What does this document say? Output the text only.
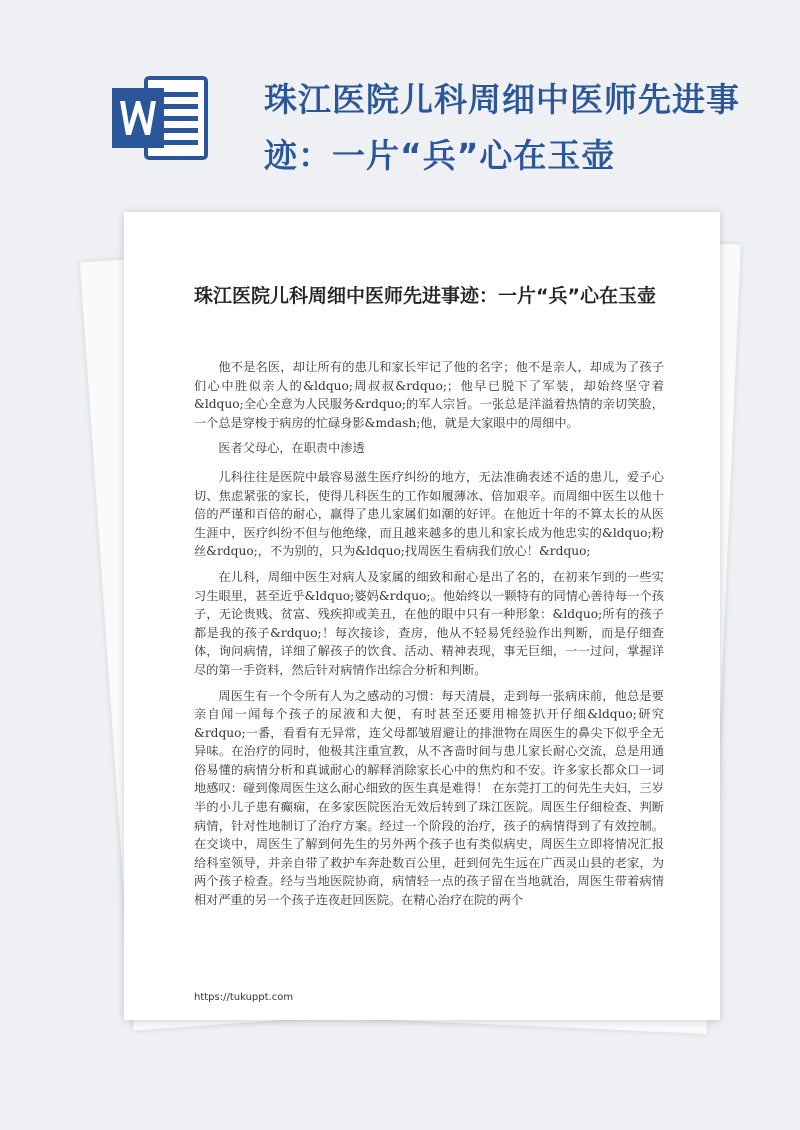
珠江医院儿科周细中医师先进事迹：一片“兵”心在玉壶
珠江医院儿科周细中医师先进事迹：一片“兵”心在玉壶

他不是名医，却让所有的患儿和家长牢记了他的名字；他不是亲人，却成为了孩子们心中胜似亲人的&ldquo;周叔叔&rdquo;；他早已脱下了军装，却始终坚守着&ldquo;全心全意为人民服务&rdquo;的军人宗旨。一张总是洋溢着热情的亲切笑脸，一个总是穿梭于病房的忙碌身影&mdash;他，就是大家眼中的周细中。

医者父母心，在职责中渗透

儿科往往是医院中最容易滋生医疗纠纷的地方，无法准确表述不适的患儿，爱子心切、焦虑紧张的家长，使得儿科医生的工作如履薄冰、倍加艰辛。而周细中医生以他十倍的严谨和百倍的耐心，赢得了患儿家属们如潮的好评。在他近十年的不算太长的从医生涯中，医疗纠纷不但与他绝缘，而且越来越多的患儿和家长成为他忠实的&ldquo;粉丝&rdquo;，不为别的，只为&ldquo;找周医生看病我们放心！&rdquo;

在儿科，周细中医生对病人及家属的细致和耐心是出了名的，在初来乍到的一些实习生眼里，甚至近乎&ldquo;婆妈&rdquo;。他始终以一颗特有的同情心善待每一个孩子，无论贵贱、贫富、残疾抑或美丑，在他的眼中只有一种形象：&ldquo;所有的孩子都是我的孩子&rdquo;！每次接诊，查房，他从不轻易凭经验作出判断，而是仔细查体，询问病情，详细了解孩子的饮食、活动、精神表现，事无巨细，一一过问，掌握详尽的第一手资料，然后针对病情作出综合分析和判断。

周医生有一个令所有人为之感动的习惯：每天清晨，走到每一张病床前，他总是要亲自闻一闻每个孩子的尿液和大便，有时甚至还要用棉签扒开仔细&ldquo;研究&rdquo;一番，看看有无异常，连父母都皱眉避让的排泄物在周医生的鼻尖下似乎全无异味。在治疗的同时，他极其注重宣教，从不吝啬时间与患儿家长耐心交流，总是用通俗易懂的病情分析和真诚耐心的解释消除家长心中的焦灼和不安。许多家长都众口一词地感叹：碰到像周医生这么耐心细致的医生真是难得！ 在东莞打工的何先生夫妇，三岁半的小儿子患有癫痫，在多家医院医治无效后转到了珠江医院。周医生仔细检查、判断病情，针对性地制订了治疗方案。经过一个阶段的治疗，孩子的病情得到了有效控制。在交谈中，周医生了解到何先生的另外两个孩子也有类似病史，周医生立即将情况汇报给科室领导，并亲自带了救护车奔赴数百公里，赶到何先生远在广西灵山县的老家，为两个孩子检查。经与当地医院协商，病情轻一点的孩子留在当地就治，周医生带着病情相对严重的另一个孩子连夜赶回医院。在精心治疗在院的两个

https://tukuppt.com
